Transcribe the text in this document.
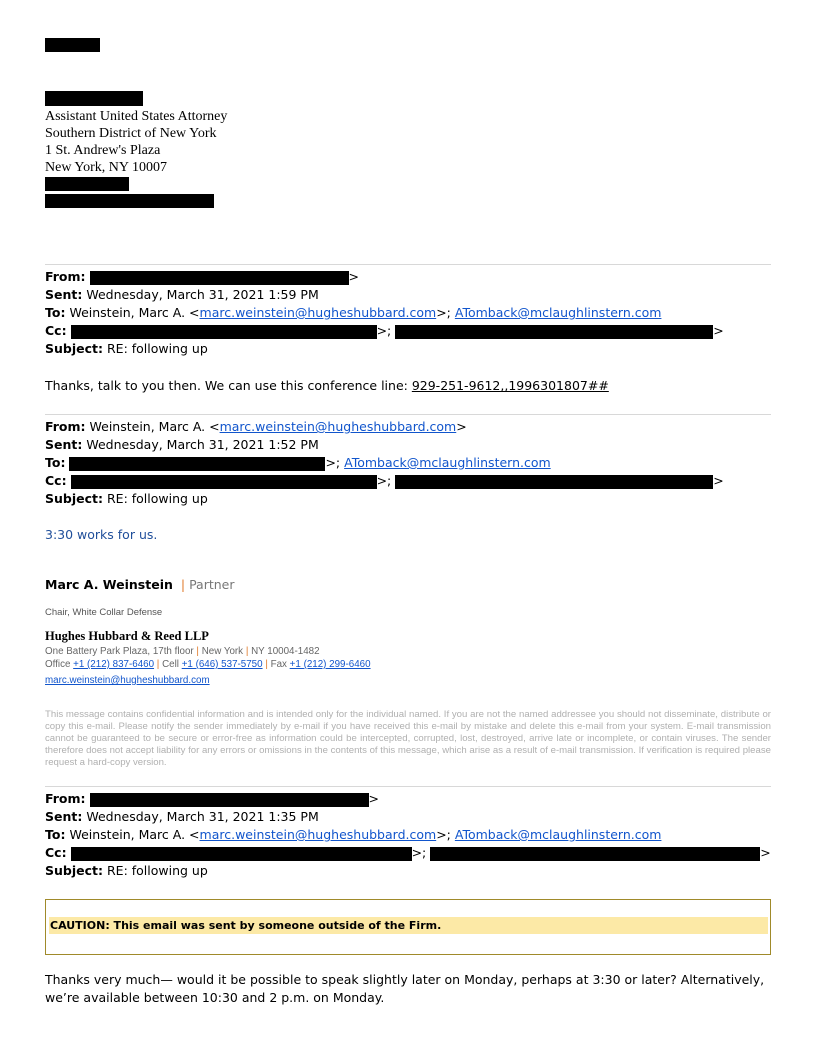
Assistant United States Attorney
Southern District of New York
1 St. Andrew's Plaza
New York, NY 10007
From:	>
Sent: Wednesday, March 31, 2021 1:59 PM
To: Weinstein, Marc A. <marc.weinstein@hugheshubbard.com>; ATomback@mclaughlinstern.com
Cc:	>;	>
Subject: RE: following up
Thanks, talk to you then. We can use this conference line: 929-251-9612,,1996301807##
From: Weinstein, Marc A. <marc.weinstein@hugheshubbard.com>
Sent: Wednesday, March 31, 2021 1:52 PM
To:	>; ATomback@mclaughlinstern.com
Cc:	>;	>
Subject: RE: following up
3:30 works for us.
Marc A. Weinstein | Partner
Chair, White Collar Defense
Hughes Hubbard & Reed LLP
One Battery Park Plaza, 17th floor | New York | NY 10004-1482
Office +1 (212) 837-6460 | Cell +1 (646) 537-5750 | Fax +1 (212) 299-6460
marc.weinstein@hugheshubbard.com
This message contains confidential information and is intended only for the individual named. If you are not the named addressee you should not disseminate, distribute or copy this e-mail. Please notify the sender immediately by e-mail if you have received this e-mail by mistake and delete this e-mail from your system. E-mail transmission cannot be guaranteed to be secure or error-free as information could be intercepted, corrupted, lost, destroyed, arrive late or incomplete, or contain viruses. The sender therefore does not accept liability for any errors or omissions in the contents of this message, which arise as a result of e-mail transmission. If verification is required please request a hard-copy version.
From:	>
Sent: Wednesday, March 31, 2021 1:35 PM
To: Weinstein, Marc A. <marc.weinstein@hugheshubbard.com>; ATomback@mclaughlinstern.com
Cc:	>;	>
Subject: RE: following up
CAUTION: This email was sent by someone outside of the Firm.
Thanks very much— would it be possible to speak slightly later on Monday, perhaps at 3:30 or later? Alternatively, we’re available between 10:30 and 2 p.m. on Monday.
